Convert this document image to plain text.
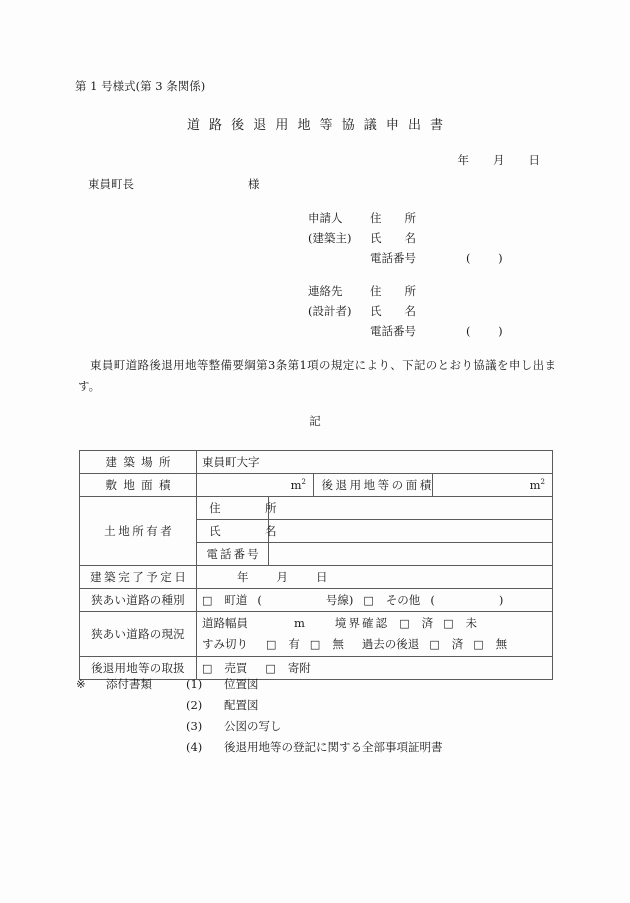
第 1 号様式(第 3 条関係)
道路後退用地等協議申出書
年 月 日
東員町長	様
申請人	住　　所
(建築主)	氏　　名
電話番号	( )
連絡先	住　　所
(設計者)	氏　　名
電話番号	( )
東員町道路後退用地等整備要綱第3条第1項の規定により、下記のとおり協議を申し出ます。
記
建築場所	東員町大字			
敷地面積	$m^2$		後退用地等の面積	$m^2$
土地所有者	住　　所			
	氏　　名			
	電話番号			
建築完了予定日	年 月 日			
狭あい道路の種別	□ 町道 ( 号線) □ その他 ( )			
狭あい道路の現況	道路幅員 m 境界確認 □ 済 □ 未
すみ切り □ 有 □ 無 過去の後退 □ 済 □ 無			

後退用地等の取扱	□ 売買 □ 寄附			
※	添付書類	(1)	位置図
(2)	配置図
(3)	公図の写し
(4)	後退用地等の登記に関する全部事項証明書
